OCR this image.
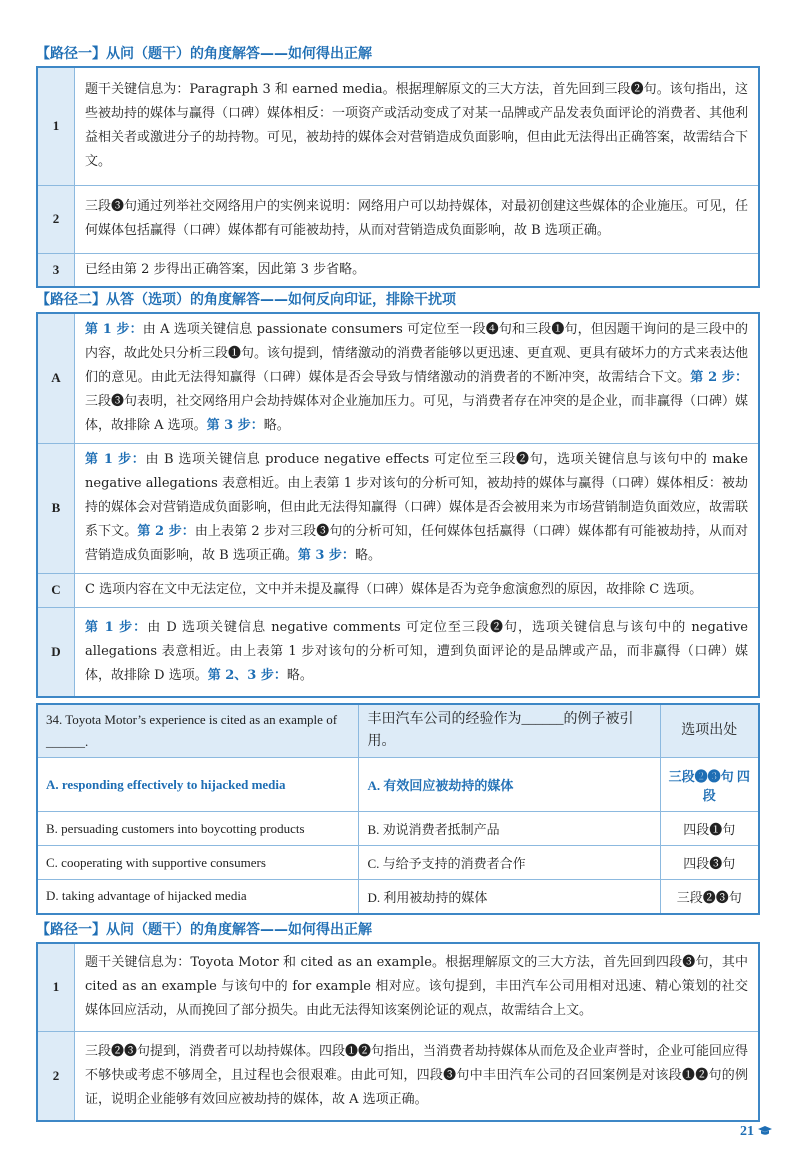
【路径一】从问（题干）的角度解答——如何得出正解
1	题干关键信息为：Paragraph 3 和 earned media。根据理解原文的三大方法，首先回到三段❷句。该句指出，这些被劫持的媒体与赢得（口碑）媒体相反：一项资产或活动变成了对某一品牌或产品发表负面评论的消费者、其他利益相关者或激进分子的劫持物。可见，被劫持的媒体会对营销造成负面影响，但由此无法得出正确答案，故需结合下文。
2	三段❸句通过列举社交网络用户的实例来说明：网络用户可以劫持媒体，对最初创建这些媒体的企业施压。可见，任何媒体包括赢得（口碑）媒体都有可能被劫持，从而对营销造成负面影响，故 B 选项正确。
3	已经由第 2 步得出正确答案，因此第 3 步省略。
【路径二】从答（选项）的角度解答——如何反向印证，排除干扰项
A	第 1 步：由 A 选项关键信息 passionate consumers 可定位至一段❹句和三段❶句，但因题干询问的是三段中的内容，故此处只分析三段❶句。该句提到，情绪激动的消费者能够以更迅速、更直观、更具有破坏力的方式来表达他们的意见。由此无法得知赢得（口碑）媒体是否会导致与情绪激动的消费者的不断冲突，故需结合下文。第 2 步：三段❸句表明，社交网络用户会劫持媒体对企业施加压力。可见，与消费者存在冲突的是企业，而非赢得（口碑）媒体，故排除 A 选项。第 3 步：略。
B	第 1 步：由 B 选项关键信息 produce negative effects 可定位至三段❷句，选项关键信息与该句中的 make negative allegations 表意相近。由上表第 1 步对该句的分析可知，被劫持的媒体与赢得（口碑）媒体相反：被劫持的媒体会对营销造成负面影响，但由此无法得知赢得（口碑）媒体是否会被用来为市场营销制造负面效应，故需联系下文。第 2 步：由上表第 2 步对三段❸句的分析可知，任何媒体包括赢得（口碑）媒体都有可能被劫持，从而对营销造成负面影响，故 B 选项正确。第 3 步：略。
C	C 选项内容在文中无法定位，文中并未提及赢得（口碑）媒体是否为竞争愈演愈烈的原因，故排除 C 选项。
D	第 1 步：由 D 选项关键信息 negative comments 可定位至三段❷句，选项关键信息与该句中的 negative allegations 表意相近。由上表第 1 步对该句的分析可知，遭到负面评论的是品牌或产品，而非赢得（口碑）媒体，故排除 D 选项。第 2、3 步：略。
34. Toyota Motor’s experience is cited as an example of ______.	丰田汽车公司的经验作为______的例子被引用。	选项出处
A. responding effectively to hijacked media	A. 有效回应被劫持的媒体	三段❷❸句 四段
B. persuading customers into boycotting products	B. 劝说消费者抵制产品	四段❶句
C. cooperating with supportive consumers	C. 与给予支持的消费者合作	四段❸句
D. taking advantage of hijacked media	D. 利用被劫持的媒体	三段❷❸句
【路径一】从问（题干）的角度解答——如何得出正解
1	题干关键信息为：Toyota Motor 和 cited as an example。根据理解原文的三大方法，首先回到四段❸句，其中 cited as an example 与该句中的 for example 相对应。该句提到，丰田汽车公司用相对迅速、精心策划的社交媒体回应活动，从而挽回了部分损失。由此无法得知该案例论证的观点，故需结合上文。
2	三段❷❸句提到，消费者可以劫持媒体。四段❶❷句指出，当消费者劫持媒体从而危及企业声誉时，企业可能回应得不够快或考虑不够周全，且过程也会很艰难。由此可知，四段❸句中丰田汽车公司的召回案例是对该段❶❷句的例证，说明企业能够有效回应被劫持的媒体，故 A 选项正确。
21
